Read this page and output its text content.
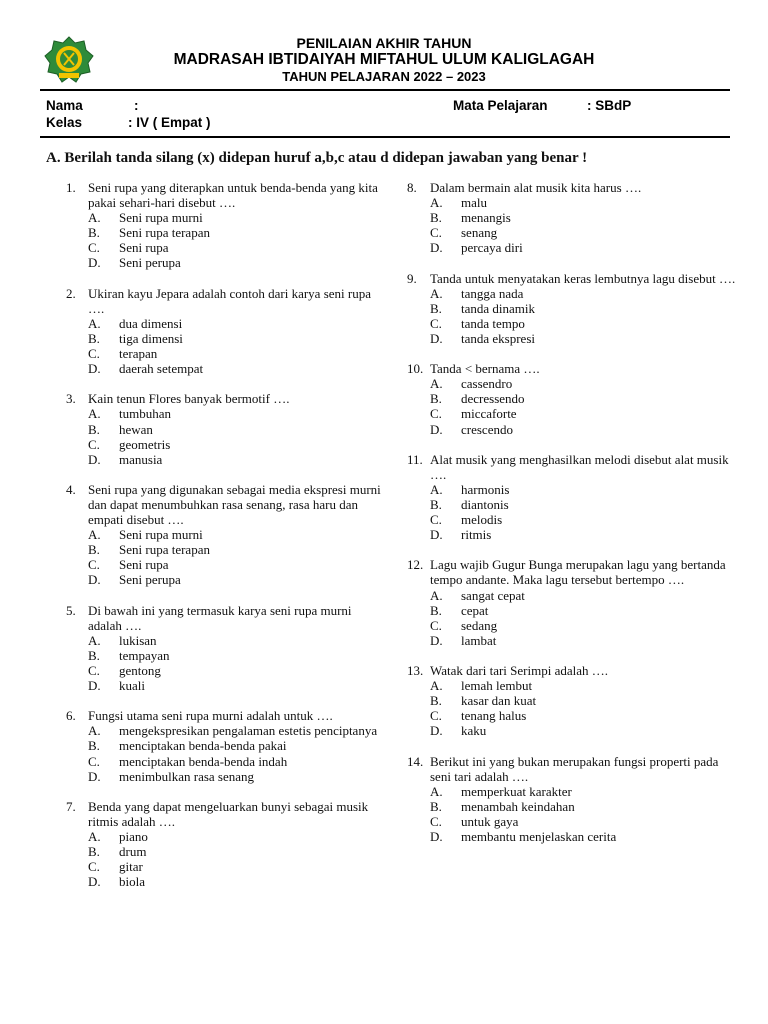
PENILAIAN AKHIR TAHUN
MADRASAH IBTIDAIYAH MIFTAHUL ULUM KALIGLAGAH
TAHUN PELAJARAN 2022 – 2023
Nama	:
Kelas	: IV ( Empat )
Mata Pelajaran	: SBdP
A. Berilah tanda silang (x) didepan huruf a,b,c atau d didepan jawaban yang benar !
1. Seni rupa yang diterapkan untuk benda-benda yang kita pakai sehari-hari disebut ….
A. Seni rupa murni
B. Seni rupa terapan
C. Seni rupa
D. Seni perupa
2. Ukiran kayu Jepara adalah contoh dari karya seni rupa ….
A. dua dimensi
B. tiga dimensi
C. terapan
D. daerah setempat
3. Kain tenun Flores banyak bermotif ….
A. tumbuhan
B. hewan
C. geometris
D. manusia
4. Seni rupa yang digunakan sebagai media ekspresi murni dan dapat menumbuhkan rasa senang, rasa haru dan empati disebut ….
A. Seni rupa murni
B. Seni rupa terapan
C. Seni rupa
D. Seni perupa
5. Di bawah ini yang termasuk karya seni rupa murni adalah ….
A. lukisan
B. tempayan
C. gentong
D. kuali
6. Fungsi utama seni rupa murni adalah untuk ….
A. mengekspresikan pengalaman estetis penciptanya
B. menciptakan benda-benda pakai
C. menciptakan benda-benda indah
D. menimbulkan rasa senang
7. Benda yang dapat mengeluarkan bunyi sebagai musik ritmis adalah ….
A. piano
B. drum
C. gitar
D. biola
8. Dalam bermain alat musik kita harus ….
A. malu
B. menangis
C. senang
D. percaya diri
9. Tanda untuk menyatakan keras lembutnya lagu disebut ….
A. tangga nada
B. tanda dinamik
C. tanda tempo
D. tanda ekspresi
10. Tanda < bernama ….
A. cassendro
B. decressendo
C. miccaforte
D. crescendo
11. Alat musik yang menghasilkan melodi disebut alat musik ….
A. harmonis
B. diantonis
C. melodis
D. ritmis
12. Lagu wajib Gugur Bunga merupakan lagu yang bertanda tempo andante. Maka lagu tersebut bertempo ….
A. sangat cepat
B. cepat
C. sedang
D. lambat
13. Watak dari tari Serimpi adalah ….
A. lemah lembut
B. kasar dan kuat
C. tenang halus
D. kaku
14. Berikut ini yang bukan merupakan fungsi properti pada seni tari adalah ….
A. memperkuat karakter
B. menambah keindahan
C. untuk gaya
D. membantu menjelaskan cerita
